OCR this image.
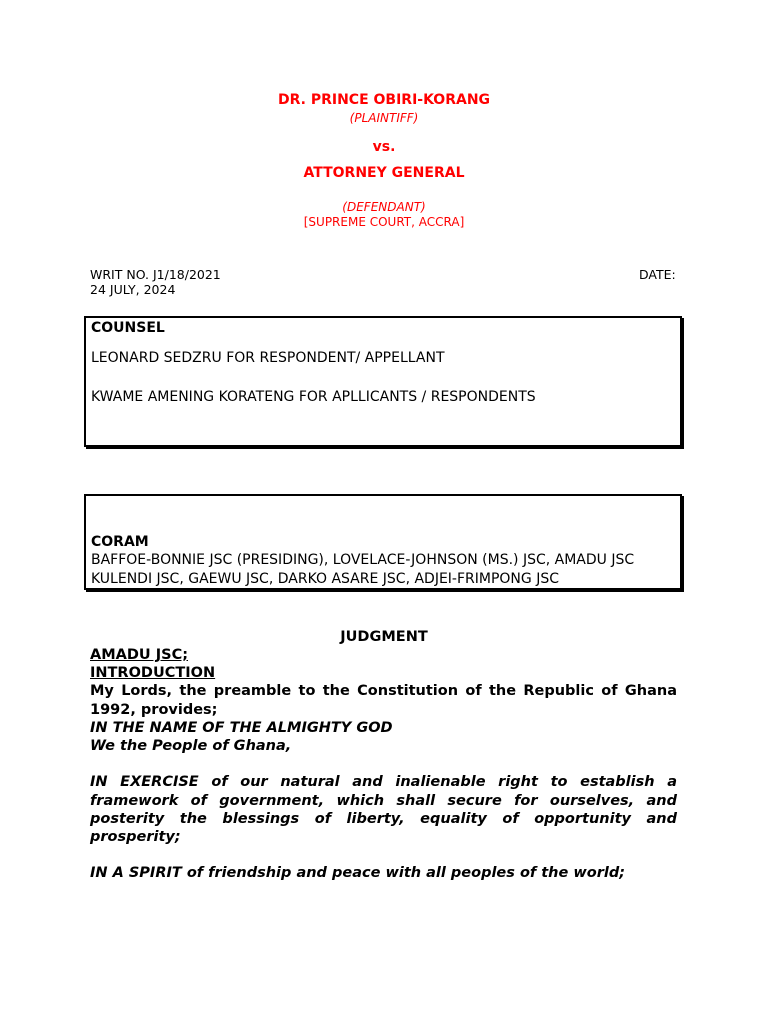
DR. PRINCE OBIRI-KORANG
(PLAINTIFF)
vs.
ATTORNEY GENERAL
(DEFENDANT)
[SUPREME COURT, ACCRA]
WRIT NO. J1/18/2021	DATE:
24 JULY, 2024
COUNSEL
LEONARD SEDZRU FOR RESPONDENT/ APPELLANT
KWAME AMENING KORATENG FOR APLLICANTS / RESPONDENTS
CORAM
BAFFOE-BONNIE JSC (PRESIDING), LOVELACE-JOHNSON (MS.) JSC, AMADU JSC
KULENDI JSC, GAEWU JSC, DARKO ASARE JSC, ADJEI-FRIMPONG JSC
JUDGMENT

AMADU JSC;

INTRODUCTION

My Lords, the preamble to the Constitution of the Republic of Ghana 1992, provides;

IN THE NAME OF THE ALMIGHTY GOD

We the People of Ghana,

IN EXERCISE of our natural and inalienable right to establish a framework of government, which shall secure for ourselves, and posterity the blessings of liberty, equality of opportunity and prosperity;

IN A SPIRIT of friendship and peace with all peoples of the world;
